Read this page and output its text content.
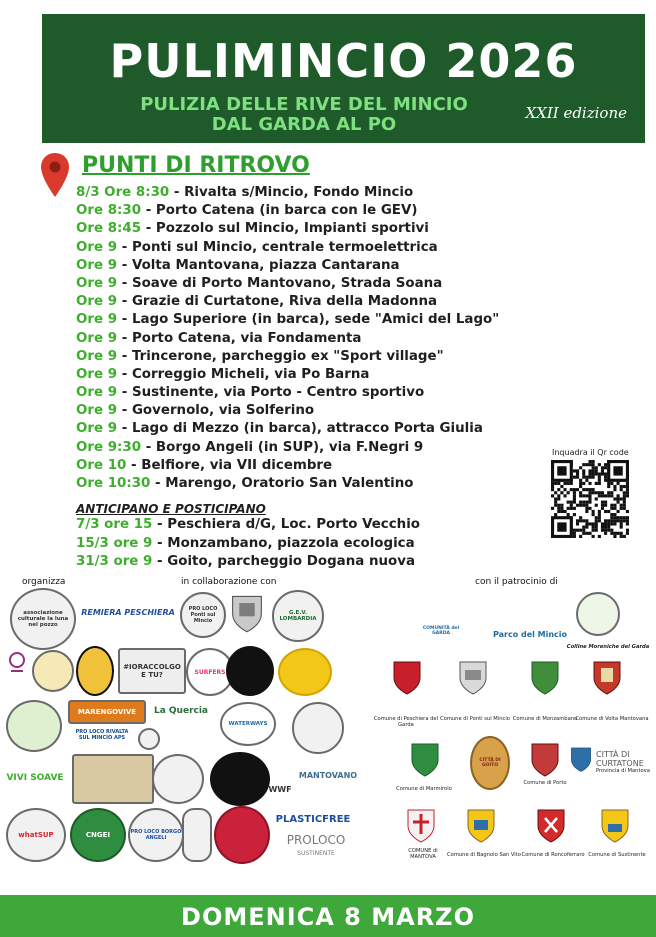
PULIMINCIO 2026
PULIZIA DELLE RIVE DEL MINCIO
DAL GARDA AL PO
XXII edizione
PUNTI DI RITROVO
8/3 Ore 8:30 - Rivalta s/Mincio, Fondo Mincio
Ore 8:30 - Porto Catena (in barca con le GEV)
Ore 8:45 - Pozzolo sul Mincio, Impianti sportivi
Ore 9 - Ponti sul Mincio, centrale termoelettrica
Ore 9 - Volta Mantovana, piazza Cantarana
Ore 9 - Soave di Porto Mantovano, Strada Soana
Ore 9 - Grazie di Curtatone, Riva della Madonna
Ore 9 - Lago Superiore (in barca), sede "Amici del Lago"
Ore 9 - Porto Catena, via Fondamenta
Ore 9 - Trincerone, parcheggio ex "Sport village"
Ore 9 - Correggio Micheli, via Po Barna
Ore 9 - Sustinente, via Porto - Centro sportivo
Ore 9 - Governolo, via Solferino
Ore 9 - Lago di Mezzo (in barca), attracco Porta Giulia
Ore 9:30 - Borgo Angeli (in SUP), via F.Negri 9
Ore 10 - Belfiore, via VII dicembre
Ore 10:30 - Marengo, Oratorio San Valentino
ANTICIPANO E POSTICIPANO
7/3 ore 15 - Peschiera d/G, Loc. Porto Vecchio
15/3 ore 9 - Monzambano, piazzola ecologica
31/3 ore 9 - Goito, parcheggio Dogana nuova
Inquadra il Qr code
organizza	in collaborazione con	con il patrocinio di
associazione culturale la luna nel pozzo
REMIERA PESCHIERA	PRO LOCO Ponti sul Mincio
G.E.V. LOMBARDIA
#IORACCOLGO E TU?	SURFERS
MARENGOVIVE La Quercia
WATERWAYS
PRO LOCO RIVALTA SUL MINCIO APS
VIVI SOAVE
WWF
MANTOVANO
whatSUP	CNGEI	PRO LOCO BORGO ANGELI
PLASTICFREE
PROLOCO
SUSTINENTE
COMUNITÀ del GARDA	Parco del Mincio
Colline Moreniche del Garda
Comune di Peschiera del Garda
Comune di Ponti sul Mincio Comune di Monzambano
Comune di Volta Mantovana
Comune di Marmirolo
CITTÀ DI GOITO
Comune di Porto
CITTÀ DI CURTATONE
Provincia di Mantova
COMUNE di MANTOVA	Comune di Bagnolo San Vito Comune di Roncoferraro Comune di Sustinente
DOMENICA 8 MARZO
